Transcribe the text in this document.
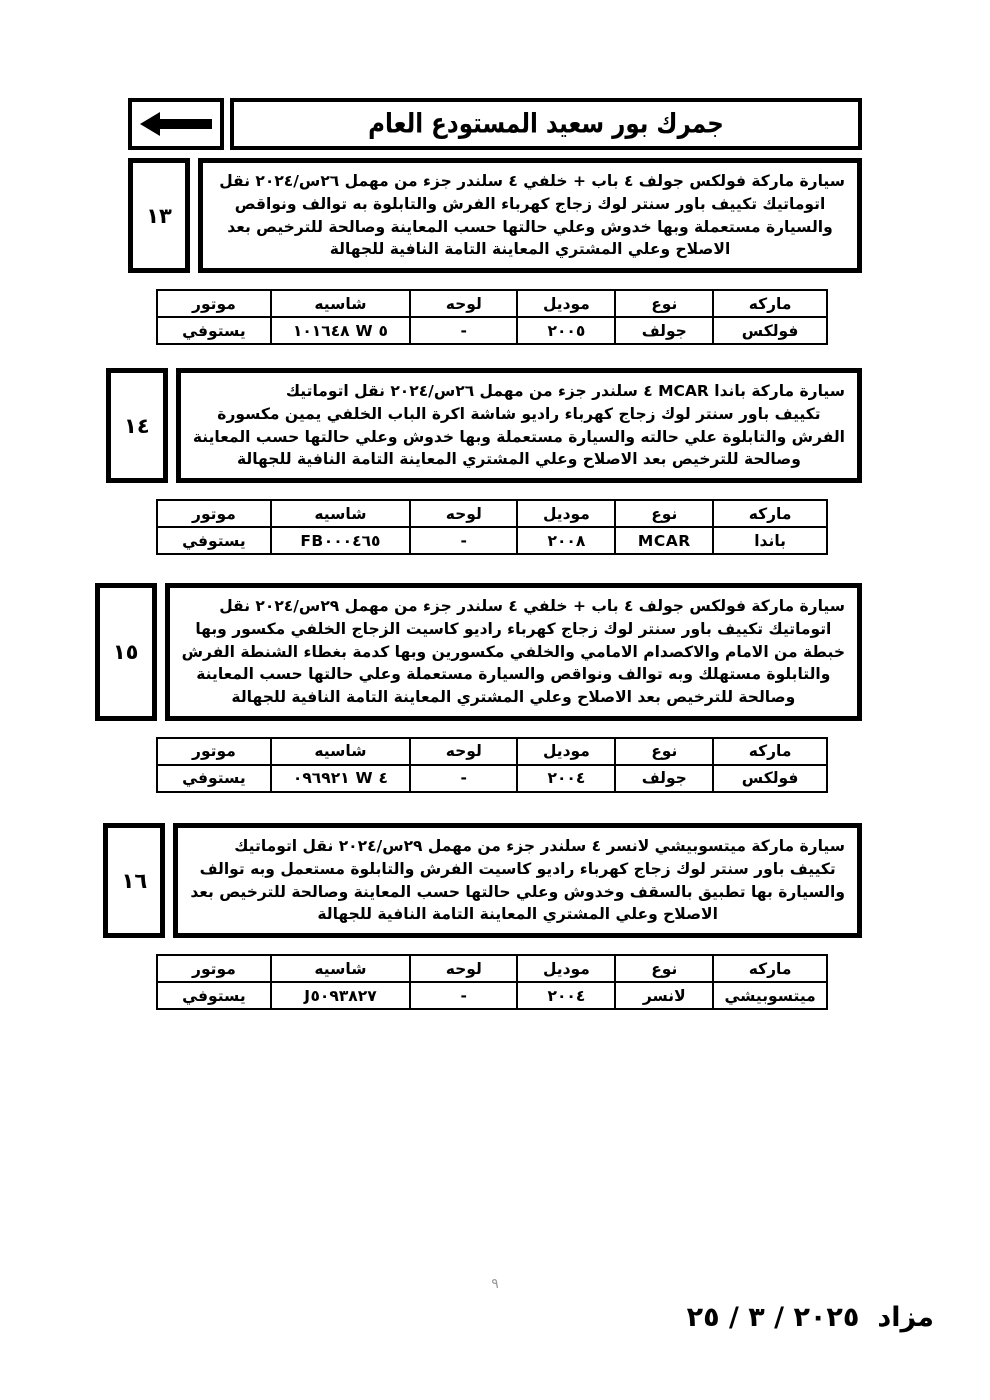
جمرك بور سعيد المستودع العام
سيارة ماركة فولكس جولف ٤ باب + خلفي ٤ سلندر جزء من مهمل ٢٦س/٢٠٢٤ نقل
اتوماتيك تكييف باور سنتر لوك زجاج كهرباء الفرش والتابلوة به توالف ونواقص
والسيارة مستعملة وبها خدوش وعلي حالتها حسب المعاينة وصالحة للترخيص بعد
الاصلاح وعلي المشتري المعاينة التامة النافية للجهالة
١٣
ماركه	نوع	موديل	لوحه	شاسيه	موتور
فولكس	جولف	٢٠٠٥	-	٥ W ١٠١٦٤٨	يستوفي
سيارة ماركة باندا MCAR ٤ سلندر جزء من مهمل ٢٦س/٢٠٢٤ نقل اتوماتيك
تكييف باور سنتر لوك زجاج كهرباء راديو شاشة اكرة الباب الخلفي يمين مكسورة
الفرش والتابلوة علي حالته والسيارة مستعملة وبها خدوش وعلي حالتها حسب المعاينة
وصالحة للترخيص بعد الاصلاح وعلي المشتري المعاينة التامة النافية للجهالة
١٤
ماركه	نوع	موديل	لوحه	شاسيه	موتور
باندا	MCAR	٢٠٠٨	-	FB٠٠٠٤٦٥	يستوفي
سيارة ماركة فولكس جولف ٤ باب + خلفي ٤ سلندر جزء من مهمل ٢٩س/٢٠٢٤ نقل
اتوماتيك تكييف باور سنتر لوك زجاج كهرباء راديو كاسيت الزجاج الخلفي مكسور وبها
خبطة من الامام والاكصدام الامامي والخلفي مكسورين وبها كدمة بغطاء الشنطة الفرش
والتابلوة مستهلك وبه توالف ونواقص والسيارة مستعملة وعلي حالتها حسب المعاينة
وصالحة للترخيص بعد الاصلاح وعلي المشتري المعاينة التامة النافية للجهالة
١٥
ماركه	نوع	موديل	لوحه	شاسيه	موتور
فولكس	جولف	٢٠٠٤	-	٤ W ٠٩٦٩٢١	يستوفي
سيارة ماركة ميتسوبيشي لانسر ٤ سلندر جزء من مهمل ٢٩س/٢٠٢٤ نقل اتوماتيك
تكييف باور سنتر لوك زجاج كهرباء راديو كاسيت الفرش والتابلوة مستعمل وبه توالف
والسيارة بها تطبيق بالسقف وخدوش وعلي حالتها حسب المعاينة وصالحة للترخيص بعد
الاصلاح وعلي المشتري المعاينة التامة النافية للجهالة
١٦
ماركه	نوع	موديل	لوحه	شاسيه	موتور
ميتسوبيشي	لانسر	٢٠٠٤	-	J٥٠٩٣٨٢٧	يستوفي
٩
مزاد٢٠٢٥ / ٣ / ٢٥
